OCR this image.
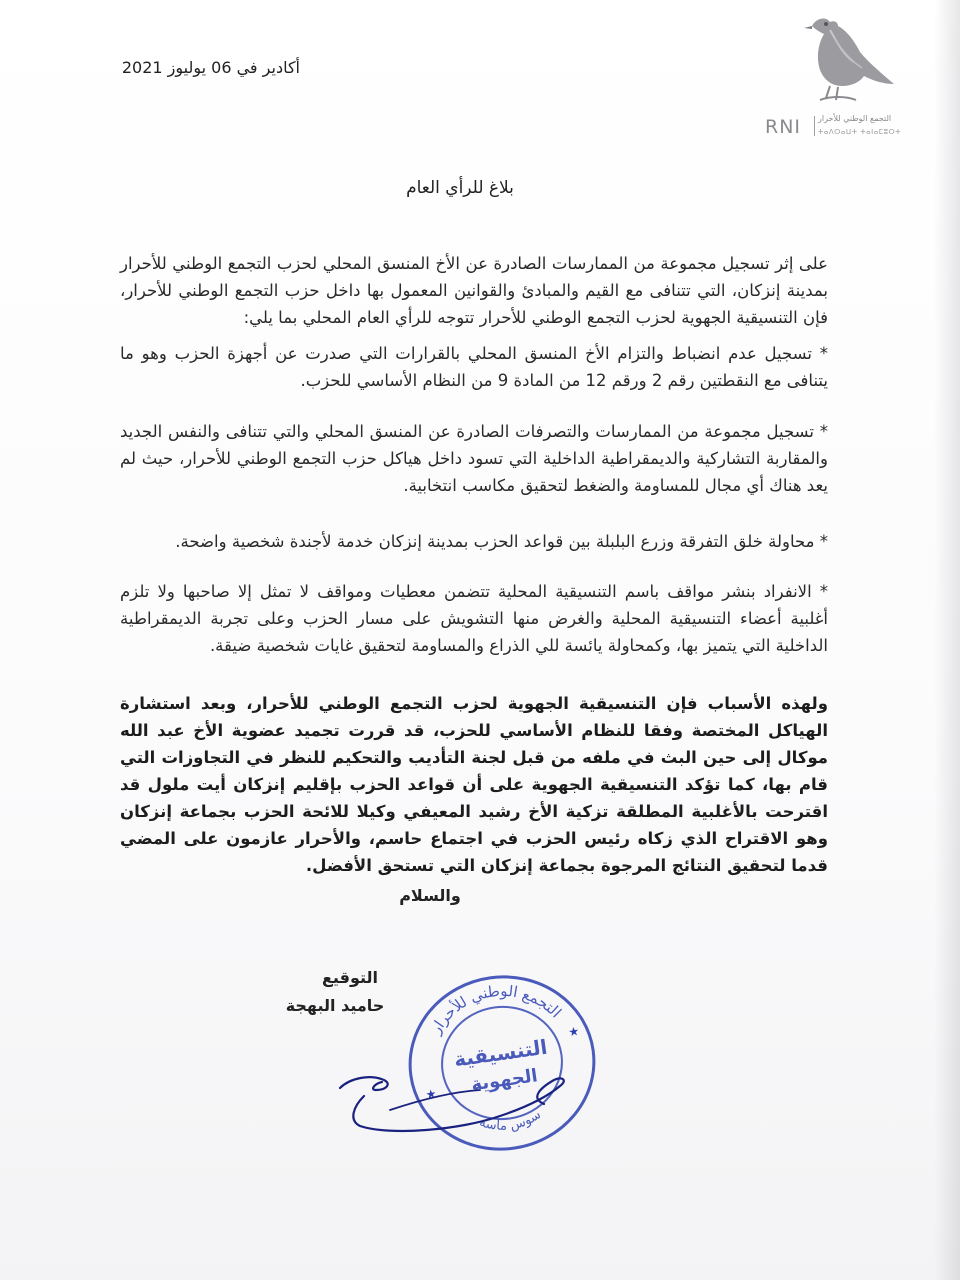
RNI التجمع الوطني للأحرار
ⵜⴰⴷⵔⴰⵡⵜ ⵜⴰⵏⴰⵎⵓⵔⵜ
أكادير في 06 يوليوز 2021
بلاغ للرأي العام
على إثر تسجيل مجموعة من الممارسات الصادرة عن الأخ المنسق المحلي لحزب التجمع الوطني للأحرار بمدينة إنزكان، التي تتنافى مع القيم والمبادئ والقوانين المعمول بها داخل حزب التجمع الوطني للأحرار، فإن التنسيقية الجهوية لحزب التجمع الوطني للأحرار تتوجه للرأي العام المحلي بما يلي:
* تسجيل عدم انضباط والتزام الأخ المنسق المحلي بالقرارات التي صدرت عن أجهزة الحزب وهو ما يتنافى مع النقطتين رقم 2 ورقم 12 من المادة 9 من النظام الأساسي للحزب.
* تسجيل مجموعة من الممارسات والتصرفات الصادرة عن المنسق المحلي والتي تتنافى والنفس الجديد والمقاربة التشاركية والديمقراطية الداخلية التي تسود داخل هياكل حزب التجمع الوطني للأحرار، حيث لم يعد هناك أي مجال للمساومة والضغط لتحقيق مكاسب انتخابية.
* محاولة خلق التفرقة وزرع البلبلة بين قواعد الحزب بمدينة إنزكان خدمة لأجندة شخصية واضحة.
* الانفراد بنشر مواقف باسم التنسيقية المحلية تتضمن معطيات ومواقف لا تمثل إلا صاحبها ولا تلزم أغلبية أعضاء التنسيقية المحلية والغرض منها التشويش على مسار الحزب وعلى تجربة الديمقراطية الداخلية التي يتميز بها، وكمحاولة يائسة للي الذراع والمساومة لتحقيق غايات شخصية ضيقة.
ولهذه الأسباب فإن التنسيقية الجهوية لحزب التجمع الوطني للأحرار، وبعد استشارة الهياكل المختصة وفقا للنظام الأساسي للحزب، قد قررت تجميد عضوية الأخ عبد الله موكال إلى حين البث في ملفه من قبل لجنة التأديب والتحكيم للنظر في التجاوزات التي قام بها، كما تؤكد التنسيقية الجهوية على أن قواعد الحزب بإقليم إنزكان أيت ملول قد اقترحت بالأغلبية المطلقة تزكية الأخ رشيد المعيفي وكيلا للائحة الحزب بجماعة إنزكان وهو الاقتراح الذي زكاه رئيس الحزب في اجتماع حاسم، والأحرار عازمون على المضي قدما لتحقيق النتائج المرجوة بجماعة إنزكان التي تستحق الأفضل.
والسلام
التوقيع
حاميد البهجة
التجمع الوطني للأحرار
سوس ماسة
التنسيقية
الجهوية
★
★
